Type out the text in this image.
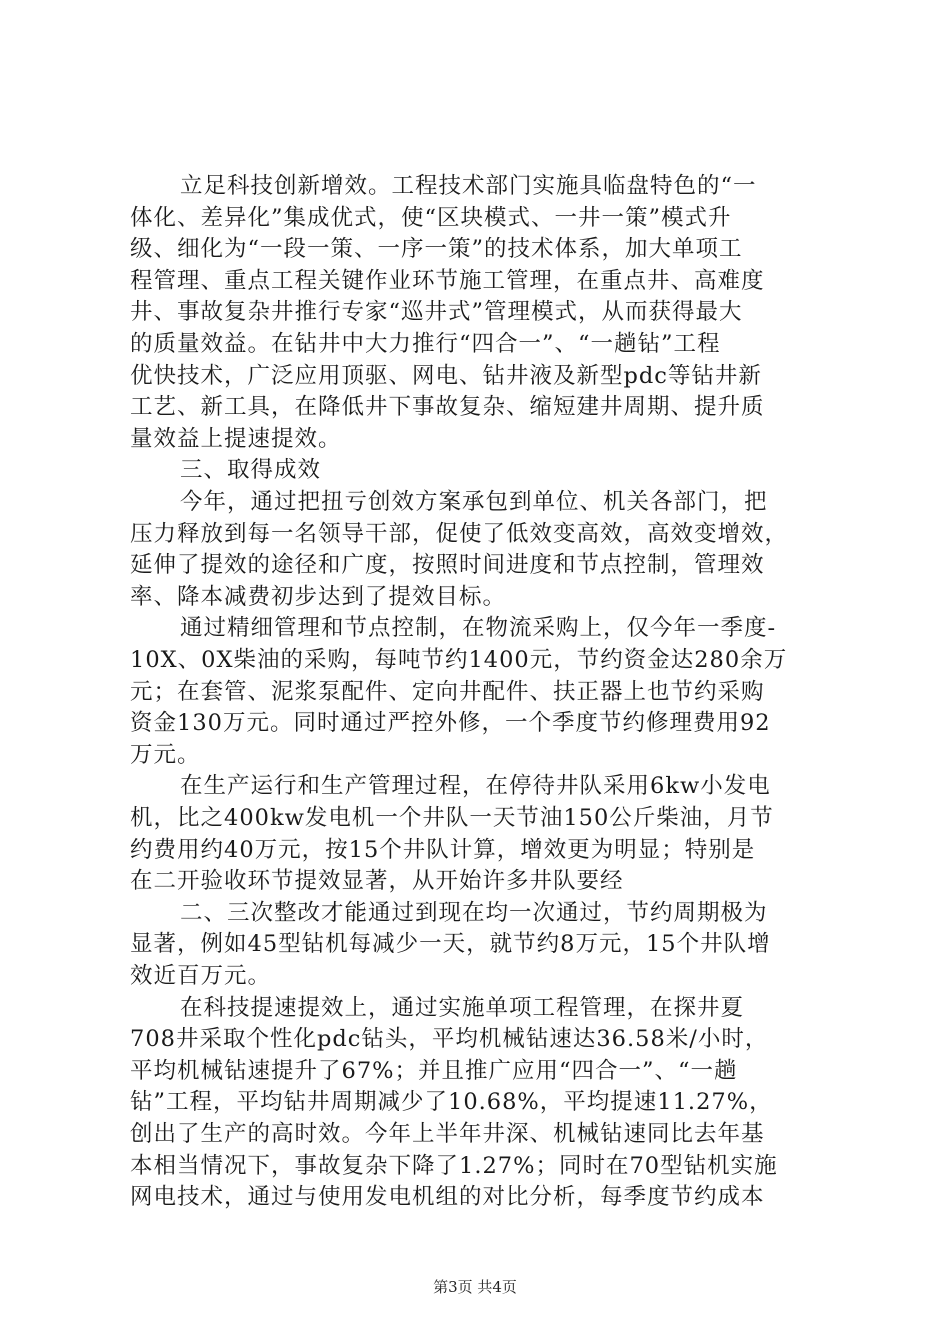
立足科技创新增效。工程技术部门实施具临盘特色的“一
体化、差异化”集成优式，使“区块模式、一井一策”模式升
级、细化为“一段一策、一序一策”的技术体系，加大单项工
程管理、重点工程关键作业环节施工管理，在重点井、高难度
井、事故复杂井推行专家“巡井式”管理模式，从而获得最大
的质量效益。在钻井中大力推行“四合一”、“一趟钻”工程
优快技术，广泛应用顶驱、网电、钻井液及新型pdc等钻井新
工艺、新工具，在降低井下事故复杂、缩短建井周期、提升质
量效益上提速提效。
三、取得成效
今年，通过把扭亏创效方案承包到单位、机关各部门，把
压力释放到每一名领导干部，促使了低效变高效，高效变增效，
延伸了提效的途径和广度，按照时间进度和节点控制，管理效
率、降本减费初步达到了提效目标。
通过精细管理和节点控制，在物流采购上，仅今年一季度-
10X、0X柴油的采购，每吨节约1400元，节约资金达280余万
元；在套管、泥浆泵配件、定向井配件、扶正器上也节约采购
资金130万元。同时通过严控外修，一个季度节约修理费用92
万元。
在生产运行和生产管理过程，在停待井队采用6kw小发电
机，比之400kw发电机一个井队一天节油150公斤柴油，月节
约费用约40万元，按15个井队计算，增效更为明显；特别是
在二开验收环节提效显著，从开始许多井队要经
二、三次整改才能通过到现在均一次通过，节约周期极为
显著，例如45型钻机每减少一天，就节约8万元，15个井队增
效近百万元。
在科技提速提效上，通过实施单项工程管理，在探井夏
708井采取个性化pdc钻头，平均机械钻速达36.58米/小时，
平均机械钻速提升了67%；并且推广应用“四合一”、“一趟
钻”工程，平均钻井周期减少了10.68%，平均提速11.27%，
创出了生产的高时效。今年上半年井深、机械钻速同比去年基
本相当情况下，事故复杂下降了1.27%；同时在70型钻机实施
网电技术，通过与使用发电机组的对比分析，每季度节约成本
第3页 共4页
